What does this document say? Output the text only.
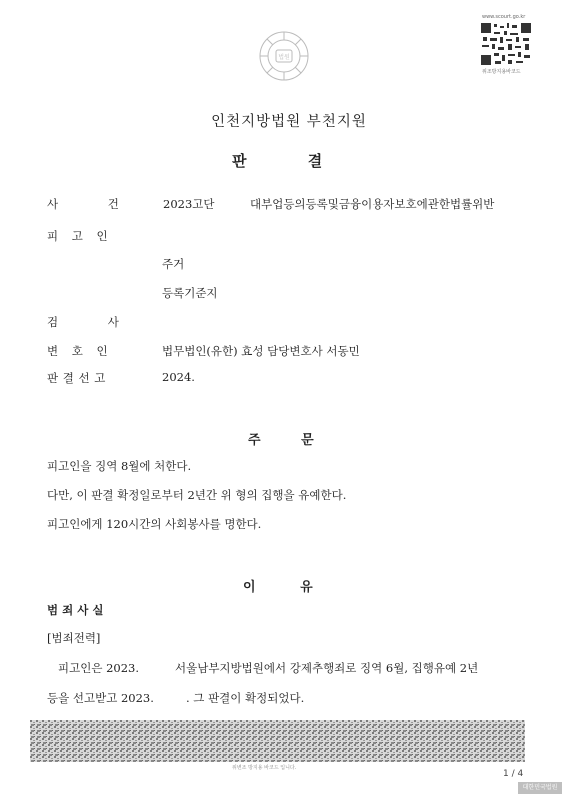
법원
www.scourt.go.kr
위조방지용바코드
인천지방법원 부천지원
판 결
사 건	2023고단	대부업등의등록및금융이용자보호에관한법률위반
피 고 인
주거
등록기준지
검 사
변 호 인	법무법인(유한) 효성 담당변호사 서동민
판 결 선 고	2024.
주 문
피고인을 징역 8월에 처한다.
다만, 이 판결 확정일로부터 2년간 위 형의 집행을 유예한다.
피고인에게 120시간의 사회봉사를 명한다.
이 유
범 죄 사 실
[범죄전력]
피고인은 2023.	서울남부지방법원에서 강제추행죄로 징역 6월, 집행유예 2년
등을 선고받고 2023.	. 그 판결이 확정되었다.
위변조 방지용 바코드 입니다.
1 / 4
대한민국법원
